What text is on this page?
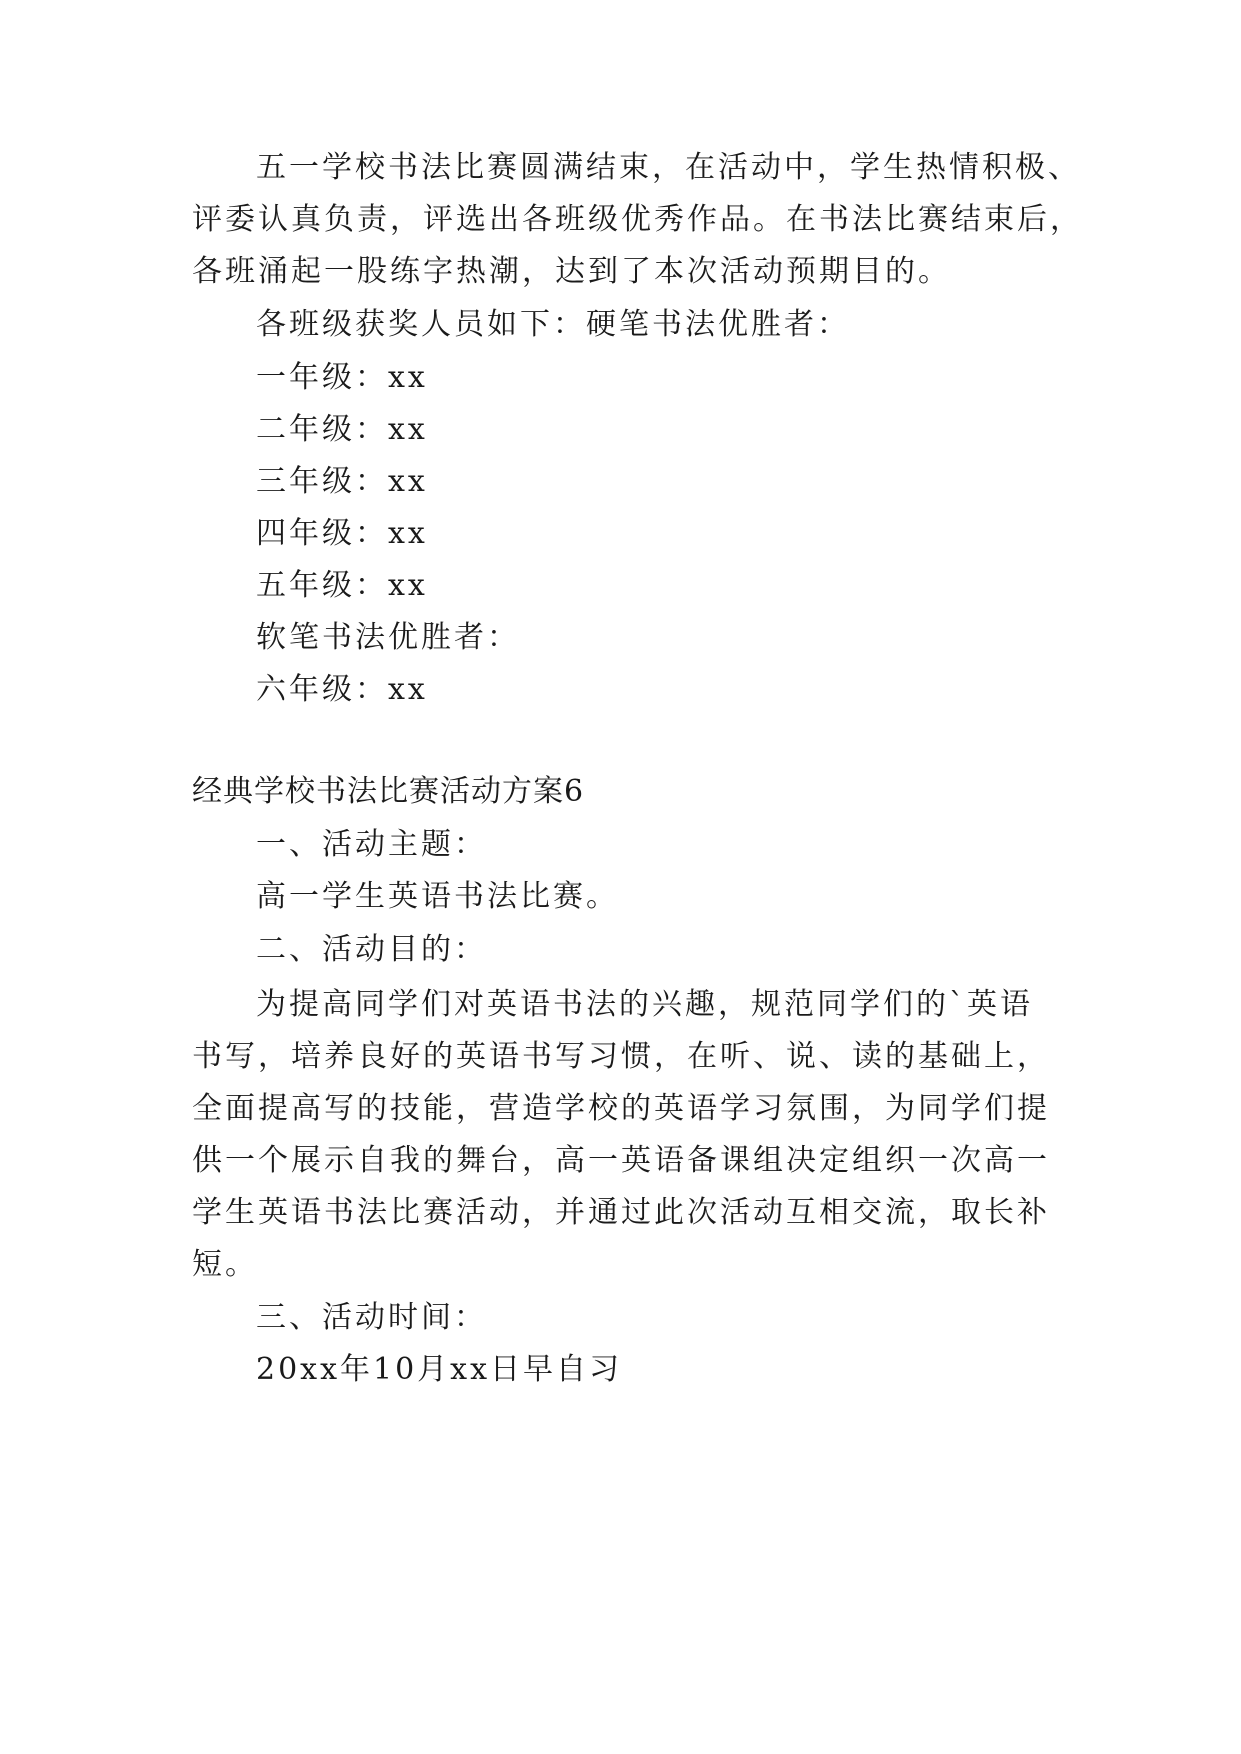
五一学校书法比赛圆满结束，在活动中，学生热情积极、
评委认真负责，评选出各班级优秀作品。在书法比赛结束后，
各班涌起一股练字热潮，达到了本次活动预期目的。
各班级获奖人员如下：硬笔书法优胜者：
一年级：xx
二年级：xx
三年级：xx
四年级：xx
五年级：xx
软笔书法优胜者：
六年级：xx
经典学校书法比赛活动方案6
一、活动主题：
高一学生英语书法比赛。
二、活动目的：
为提高同学们对英语书法的兴趣，规范同学们的`英语
书写，培养良好的英语书写习惯，在听、说、读的基础上，
全面提高写的技能，营造学校的英语学习氛围，为同学们提
供一个展示自我的舞台，高一英语备课组决定组织一次高一
学生英语书法比赛活动，并通过此次活动互相交流，取长补
短。
三、活动时间：
20xx年10月xx日早自习
